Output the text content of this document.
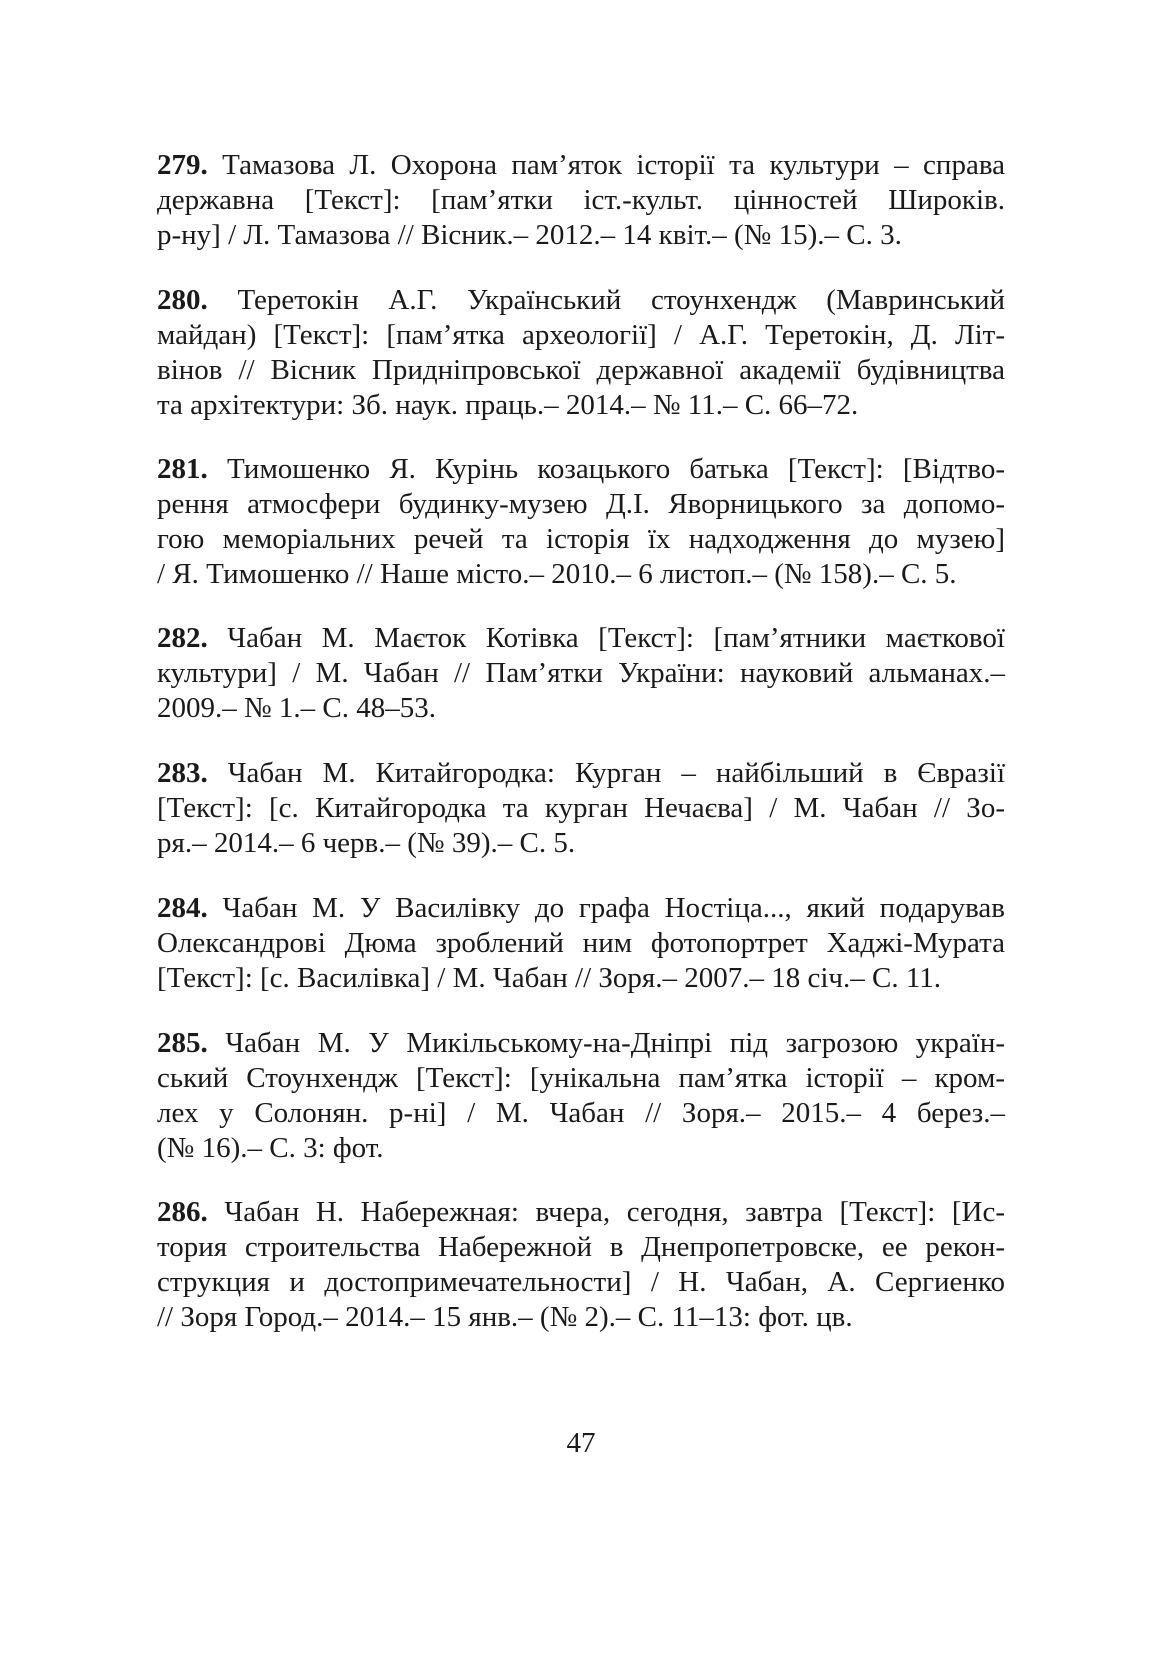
279. Тамазова Л. Охорона пам’яток історії та культури – справа
державна [Текст]: [пам’ятки іст.-культ. цінностей Широків.
р-ну] / Л. Тамазова // Вісник.– 2012.– 14 квіт.– (№ 15).– С. 3.
280. Теретокін А.Г. Український стоунхендж (Мавринський
майдан) [Текст]: [пам’ятка археології] / А.Г. Теретокін, Д. Літ-
вінов // Вісник Придніпровської державної академії будівництва
та архітектури: Зб. наук. праць.– 2014.– № 11.– С. 66–72.
281. Тимошенко Я. Курінь козацького батька [Текст]: [Відтво-
рення атмосфери будинку-музею Д.І. Яворницького за допомо-
гою меморіальних речей та історія їх надходження до музею]
/ Я. Тимошенко // Наше місто.– 2010.– 6 листоп.– (№ 158).– С. 5.
282. Чабан М. Маєток Котівка [Текст]: [пам’ятники маєткової
культури] / М. Чабан // Пам’ятки України: науковий альманах.–
2009.– № 1.– С. 48–53.
283. Чабан М. Китайгородка: Курган – найбільший в Євразії
[Текст]: [с. Китайгородка та курган Нечаєва] / М. Чабан // Зо-
ря.– 2014.– 6 черв.– (№ 39).– С. 5.
284. Чабан М. У Василівку до графа Ностіца..., який подарував
Олександрові Дюма зроблений ним фотопортрет Хаджі-Мурата
[Текст]: [с. Василівка] / М. Чабан // Зоря.– 2007.– 18 січ.– С. 11.
285. Чабан М. У Микільському-на-Дніпрі під загрозою україн-
ський Стоунхендж [Текст]: [унікальна пам’ятка історії – кром-
лех у Солонян. р-ні] / М. Чабан // Зоря.– 2015.– 4 берез.–
(№ 16).– С. 3: фот.
286. Чабан Н. Набережная: вчера, сегодня, завтра [Текст]: [Ис-
тория строительства Набережной в Днепропетровске, ее рекон-
струкция и достопримечательности] / Н. Чабан, А. Сергиенко
// Зоря Город.– 2014.– 15 янв.– (№ 2).– С. 11–13: фот. цв.
47
